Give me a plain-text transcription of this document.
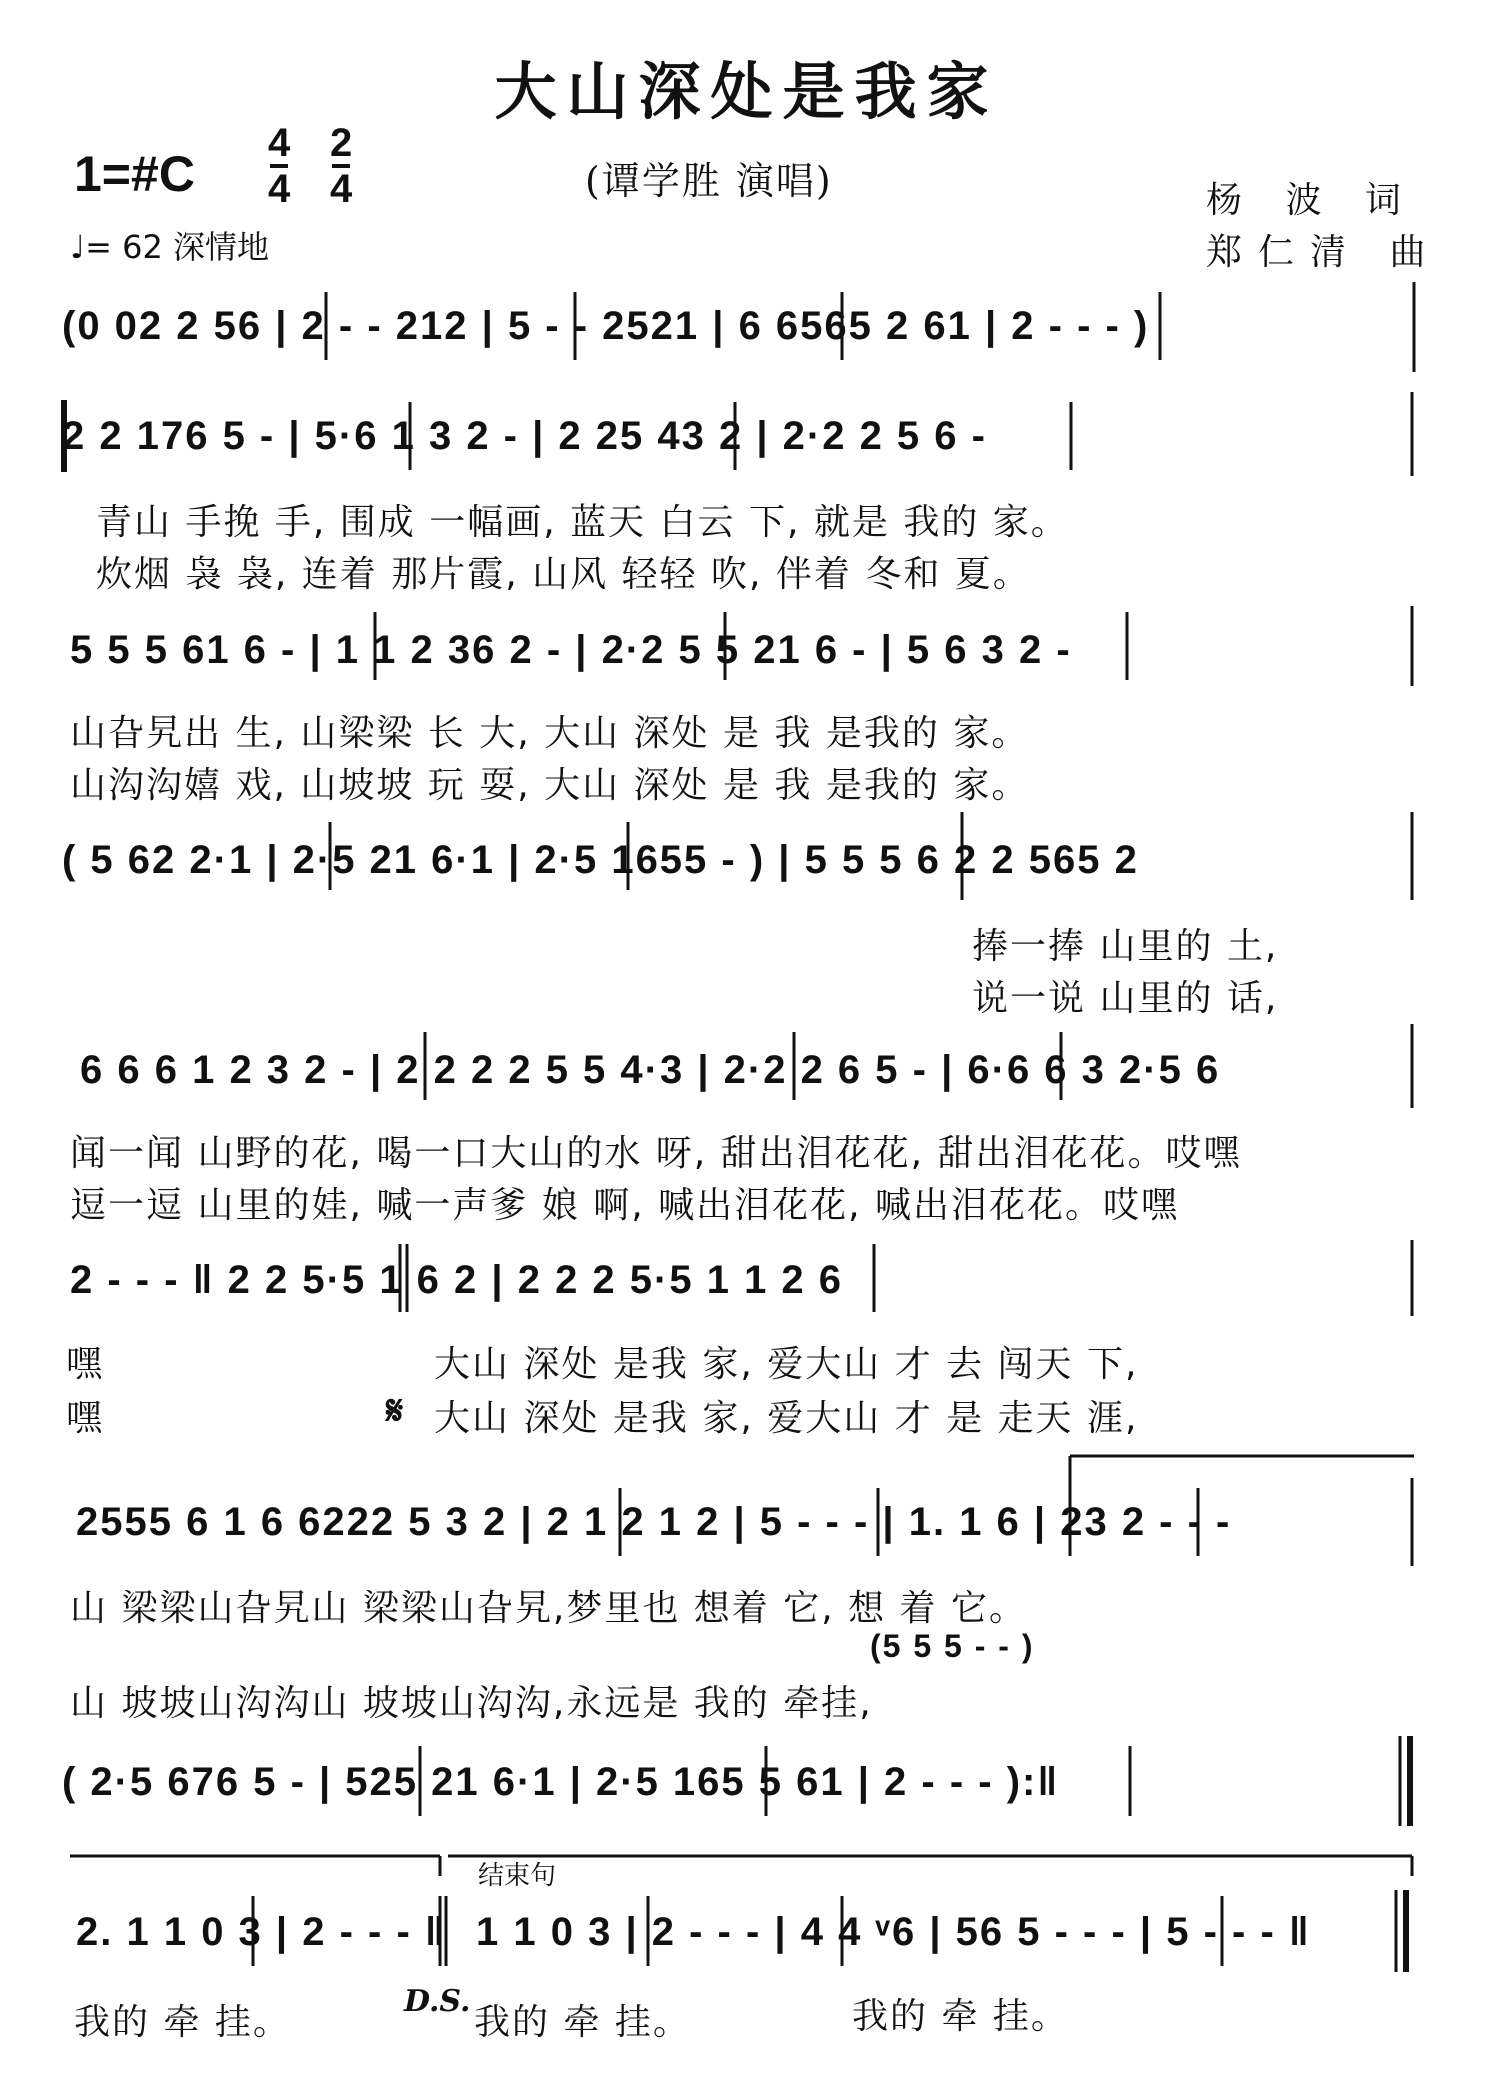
大山深处是我家
1=#C
4
4
2
4
♩= 62 深情地
(谭学胜 演唱)	杨 波 词
郑仁清 曲
(0 02 2 56 | 2 - - 212 | 5 - - 2521 | 6 6565 2 61 | 2 - - - )
2 2 176 5 - | 5·6 1 3 2 - | 2 25 43 2 | 2·2 2 5 6 -
青山 手挽 手, 围成 一幅画, 蓝天 白云 下, 就是 我的 家。
炊烟 袅 袅, 连着 那片霞, 山风 轻轻 吹, 伴着 冬和 夏。
5 5 5 61 6 - | 1 1 2 36 2 - | 2·2 5 5 21 6 - | 5 6 3 2 -
山旮旯出 生, 山梁梁 长 大, 大山 深处 是 我 是我的 家。
山沟沟嬉 戏, 山坡坡 玩 耍, 大山 深处 是 我 是我的 家。
( 5 62 2·1 | 2·5 21 6·1 | 2·5 1655 - ) | 5 5 5 6 2 2 565 2
捧一捧 山里的 土,
说一说 山里的 话,
6 6 6 1 2 3 2 - | 2 2 2 2 5 5 4·3 | 2·2 2 6 5 - | 6·6 6 3 2·5 6
闻一闻 山野的花, 喝一口大山的水 呀, 甜出泪花花, 甜出泪花花。哎嘿
逗一逗 山里的娃, 喊一声爹 娘 啊, 喊出泪花花, 喊出泪花花。哎嘿
2 - - - ‖ 2 2 5·5 1 6 2 | 2 2 2 5·5 1 1 2 6
嘿	大山 深处 是我 家, 爱大山 才 去 闯天 下,
嘿	𝄋 大山 深处 是我 家, 爱大山 才 是 走天 涯,
2555 6 1 6 6222 5 3 2 | 2 1 2 1 2 | 5 - - - | 1. 1 6 | 23 2 - - -
山 梁梁山旮旯山 梁梁山旮旯,梦里也 想着 它, 想 着 它。
(5 5 5 - - )
山 坡坡山沟沟山 坡坡山沟沟,永远是 我的 牵挂,
( 2·5 676 5 - | 525 21 6·1 | 2·5 165 5 61 | 2 - - - ):‖
结束句
2. 1 1 0 3 | 2 - - - ‖ 1 1 0 3 | 2 - - - | 4 4 ᵛ6 | 56 5 - - - | 5 - - - ‖
我的 牵 挂。
D.S.
我的 牵 挂。	我的 牵 挂。
